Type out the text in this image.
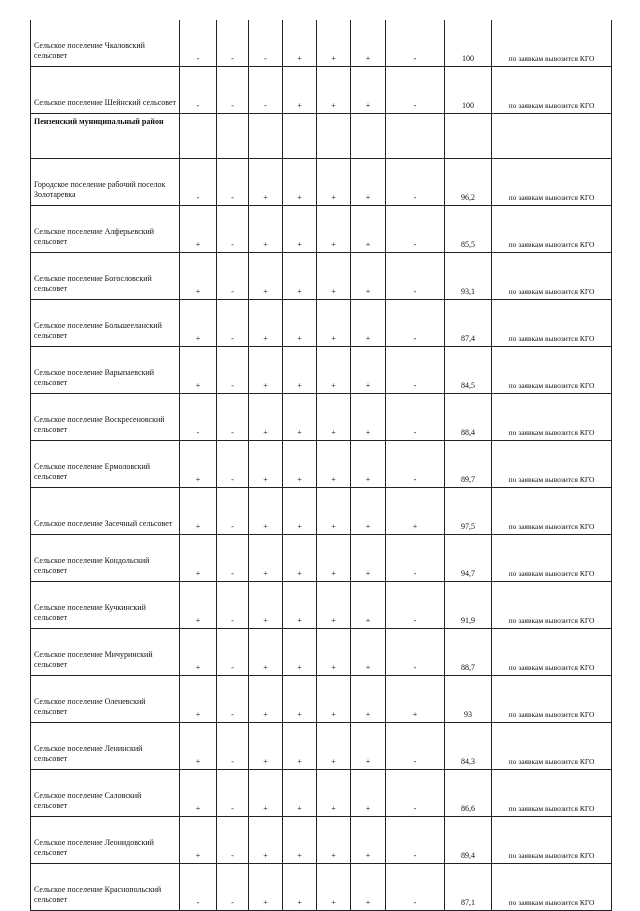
Сельское поселение Чкаловский сельсовет	-	-	-	+	+	+	-	100	по заявкам вывозится КГО
Сельское поселение Шейнский сельсовет	-	-	-	+	+	+	-	100	по заявкам вывозится КГО
Пензенский муниципальный район									
Городское поселение рабочий поселок Золотаревка	-	-	+	+	+	+	-	96,2	по заявкам вывозится КГО
Сельское поселение Алферьевский сельсовет	+	-	+	+	+	+	-	85,5	по заявкам вывозится КГО
Сельское поселение Богословский сельсовет	+	-	+	+	+	+	-	93,1	по заявкам вывозится КГО
Сельское поселение Большееланский сельсовет	+	-	+	+	+	+	-	87,4	по заявкам вывозится КГО
Сельское поселение Варыпаевский сельсовет	+	-	+	+	+	+	-	84,5	по заявкам вывозится КГО
Сельское поселение Воскресеновский сельсовет	-	-	+	+	+	+	-	88,4	по заявкам вывозится КГО
Сельское поселение Ермоловский сельсовет	+	-	+	+	+	+	-	89,7	по заявкам вывозится КГО
Сельское поселение Засечный сельсовет	+	-	+	+	+	+	+	97,5	по заявкам вывозится КГО
Сельское поселение Кондольский сельсовет	+	-	+	+	+	+	-	94,7	по заявкам вывозится КГО
Сельское поселение Кучкинский сельсовет	+	-	+	+	+	+	-	91,9	по заявкам вывозится КГО
Сельское поселение Мичуринский сельсовет	+	-	+	+	+	+	-	88,7	по заявкам вывозится КГО
Сельское поселение Оленевский сельсовет	+	-	+	+	+	+	+	93	по заявкам вывозится КГО
Сельское поселение Ленинский сельсовет	+	-	+	+	+	+	-	84,3	по заявкам вывозится КГО
Сельское поселение Саловский сельсовет	+	-	+	+	+	+	-	86,6	по заявкам вывозится КГО
Сельское поселение Леонидовский сельсовет	+	-	+	+	+	+	-	89,4	по заявкам вывозится КГО
Сельское поселение Краснопольский сельсовет	-	-	+	+	+	+	-	87,1	по заявкам вывозится КГО
